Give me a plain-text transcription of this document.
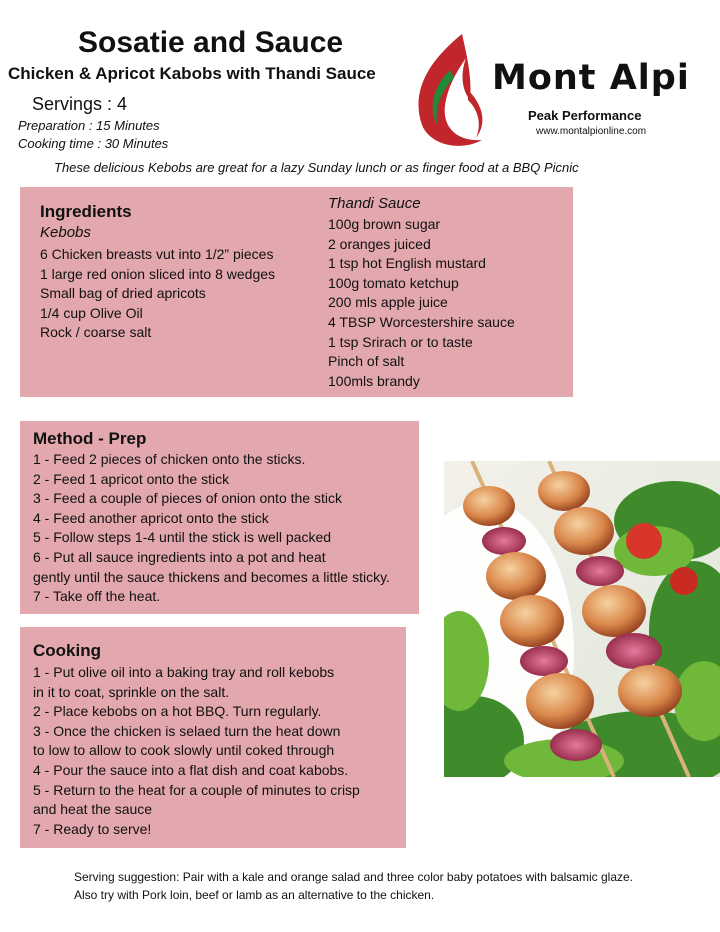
Sosatie and Sauce
Chicken & Apricot Kabobs with Thandi Sauce
Servings : 4
Preparation : 15 Minutes
Cooking time : 30 Minutes
These delicious Kebobs are great for a lazy Sunday lunch or as finger food at a BBQ Picnic
Mont Alpi
Peak Performance
www.montalpionline.com
Ingredients
Kebobs
6 Chicken breasts vut into 1/2” pieces
1 large red onion sliced into 8 wedges
Small bag of dried apricots
1/4 cup Olive Oil
Rock / coarse salt
Thandi Sauce
100g brown sugar
2 oranges juiced
1 tsp hot English mustard
100g tomato ketchup
200 mls apple juice
4 TBSP Worcestershire sauce
1 tsp Srirach or to taste
Pinch of salt
100mls brandy
Method - Prep
1 - Feed 2 pieces of chicken onto the sticks.
2 - Feed 1 apricot onto the stick
3 - Feed a couple of pieces of onion onto the stick
4 - Feed another apricot onto the stick
5 - Follow steps 1-4 until the stick is well packed
6 - Put all sauce ingredients into a pot and heat
gently until the sauce thickens and becomes a little sticky.
7 - Take off the heat.
Cooking
1 - Put olive oil into a baking tray and roll kebobs
in it to coat, sprinkle on the salt.
2 - Place kebobs on a hot BBQ. Turn regularly.
3 - Once the chicken is selaed turn the heat down
to low to allow to cook slowly until coked through
4 - Pour the sauce into a flat dish and coat kabobs.
5 - Return to the heat for a couple of minutes to crisp
and heat the sauce
7 - Ready to serve!
Serving suggestion: Pair with a kale and orange salad and three color baby potatoes with balsamic glaze.
Also try with Pork loin, beef or lamb as an alternative to the chicken.
